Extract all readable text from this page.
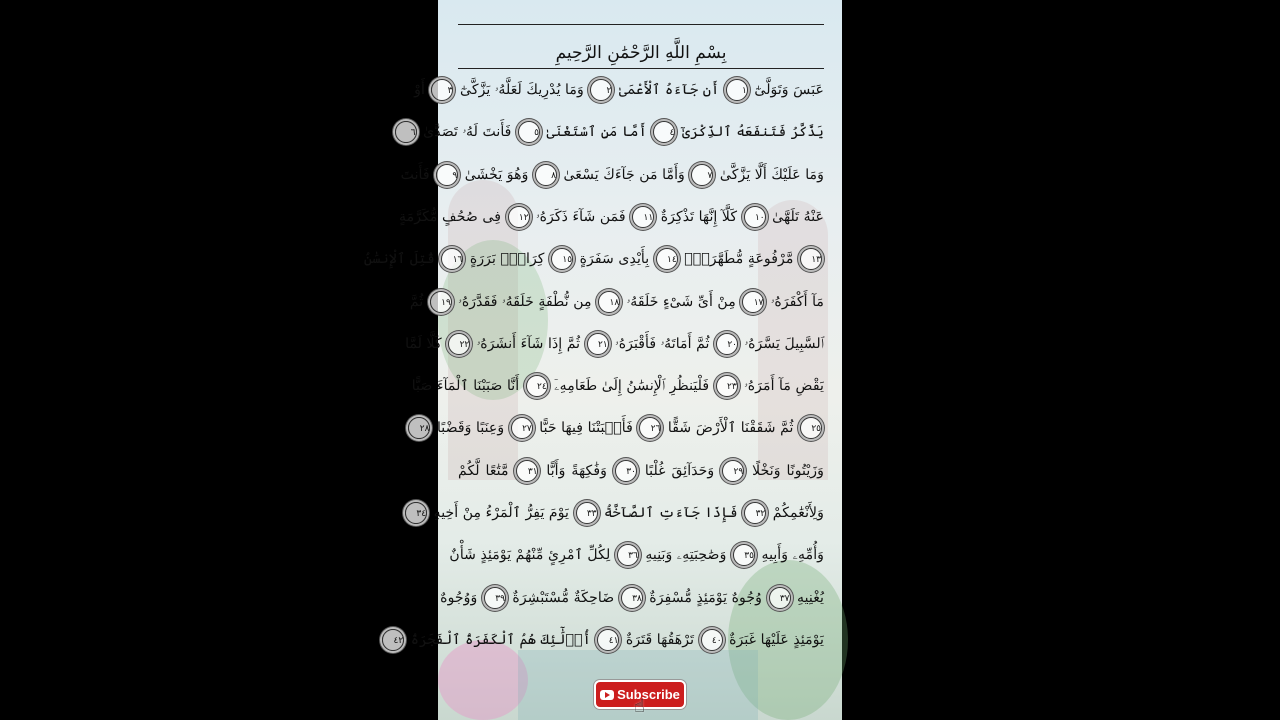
بِسْمِ اللَّهِ الرَّحْمَٰنِ الرَّحِيمِ
عَبَسَ وَتَوَلَّىٰٓ ١ أَن جَآءَهُ ٱلْأَعْمَىٰ ٢ وَمَا يُدْرِيكَ لَعَلَّهُۥ يَزَّكَّىٰٓ ٣ أَوْ
يَذَّكَّرُ فَتَنفَعَهُ ٱلذِّكْرَىٰٓ ٤ أَمَّا مَنِ ٱسْتَغْنَىٰ ٥ فَأَنتَ لَهُۥ تَصَدَّىٰ ٦
وَمَا عَلَيْكَ أَلَّا يَزَّكَّىٰ ٧ وَأَمَّا مَن جَآءَكَ يَسْعَىٰ ٨ وَهُوَ يَخْشَىٰ ٩ فَأَنتَ
عَنْهُ تَلَهَّىٰ ١٠ كَلَّآ إِنَّهَا تَذْكِرَةٌ ١١ فَمَن شَآءَ ذَكَرَهُۥ ١٢ فِى صُحُفٍ مُّكَرَّمَةٍ
١٣ مَّرْفُوعَةٍ مُّطَهَّرَةٍۭ ١٤ بِأَيْدِى سَفَرَةٍ ١٥ كِرَامٍۭ بَرَرَةٍ ١٦ قُتِلَ ٱلْإِنسَٰنُ
مَآ أَكْفَرَهُۥ ١٧ مِنْ أَىِّ شَىْءٍ خَلَقَهُۥ ١٨ مِن نُّطْفَةٍ خَلَقَهُۥ فَقَدَّرَهُۥ ١٩ ثُمَّ
ٱلسَّبِيلَ يَسَّرَهُۥ ٢٠ ثُمَّ أَمَاتَهُۥ فَأَقْبَرَهُۥ ٢١ ثُمَّ إِذَا شَآءَ أَنشَرَهُۥ ٢٢ كَلَّا لَمَّا
يَقْضِ مَآ أَمَرَهُۥ ٢٣ فَلْيَنظُرِ ٱلْإِنسَٰنُ إِلَىٰ طَعَامِهِۦٓ ٢٤ أَنَّا صَبَبْنَا ٱلْمَآءَ صَبًّا
٢٥ ثُمَّ شَقَقْنَا ٱلْأَرْضَ شَقًّا ٢٦ فَأَنۢبَتْنَا فِيهَا حَبًّا ٢٧ وَعِنَبًا وَقَضْبًا ٢٨
وَزَيْتُونًا وَنَخْلًا ٢٩ وَحَدَآئِقَ غُلْبًا ٣٠ وَفَٰكِهَةً وَأَبًّا ٣١ مَّتَٰعًا لَّكُمْ
وَلِأَنْعَٰمِكُمْ ٣٢ فَإِذَا جَآءَتِ ٱلصَّآخَّةُ ٣٣ يَوْمَ يَفِرُّ ٱلْمَرْءُ مِنْ أَخِيهِ ٣٤
وَأُمِّهِۦ وَأَبِيهِ ٣٥ وَصَٰحِبَتِهِۦ وَبَنِيهِ ٣٦ لِكُلِّ ٱمْرِئٍ مِّنْهُمْ يَوْمَئِذٍ شَأْنٌ
يُغْنِيهِ ٣٧ وُجُوهٌ يَوْمَئِذٍ مُّسْفِرَةٌ ٣٨ ضَاحِكَةٌ مُّسْتَبْشِرَةٌ ٣٩ وَوُجُوهٌ
يَوْمَئِذٍ عَلَيْهَا غَبَرَةٌ ٤٠ تَرْهَقُهَا قَتَرَةٌ ٤١ أُو۟لَٰٓئِكَ هُمُ ٱلْكَفَرَةُ ٱلْفَجَرَةُ ٤٢
Subscribe
☝
